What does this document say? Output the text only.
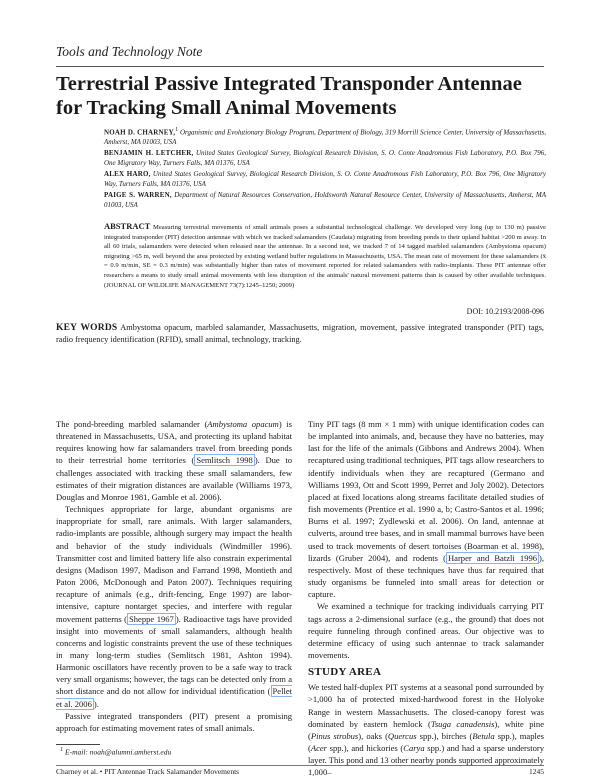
Tools and Technology Note
Terrestrial Passive Integrated Transponder Antennae for Tracking Small Animal Movements
NOAH D. CHARNEY,$^1$ Organismic and Evolutionary Biology Program, Department of Biology, 319 Morrill Science Center, University of Massachusetts, Amherst, MA 01003, USA
BENJAMIN H. LETCHER, United States Geological Survey, Biological Research Division, S. O. Conte Anadromous Fish Laboratory, P.O. Box 796, One Migratory Way, Turners Falls, MA 01376, USA
ALEX HARO, United States Geological Survey, Biological Research Division, S. O. Conte Anadromous Fish Laboratory, P.O. Box 796, One Migratory Way, Turners Falls, MA 01376, USA
PAIGE S. WARREN, Department of Natural Resources Conservation, Holdsworth Natural Resource Center, University of Massachusetts, Amherst, MA 01003, USA
ABSTRACT Measuring terrestrial movements of small animals poses a substantial technological challenge. We developed very long (up to 130 m) passive integrated transponder (PIT) detection antennae with which we tracked salamanders (Caudata) migrating from breeding ponds to their upland habitat >200 m away. In all 60 trials, salamanders were detected when released near the antennae. In a second test, we tracked 7 of 14 tagged marbled salamanders (Ambystoma opacum) migrating >65 m, well beyond the area protected by existing wetland buffer regulations in Massachusetts, USA. The mean rate of movement for these salamanders (x̄ = 0.9 m/min, SE = 0.3 m/min) was substantially higher than rates of movement reported for related salamanders with radio-implants. These PIT antennae offer researchers a means to study small animal movements with less disruption of the animals' natural movement patterns than is caused by other available techniques. (JOURNAL OF WILDLIFE MANAGEMENT 73(7):1245–1250; 2009)
DOI: 10.2193/2008-096
KEY WORDS Ambystoma opacum, marbled salamander, Massachusetts, migration, movement, passive integrated transponder (PIT) tags, radio frequency identification (RFID), small animal, technology, tracking.

The pond-breeding marbled salamander (Ambystoma opacum) is threatened in Massachusetts, USA, and protecting its upland habitat requires knowing how far salamanders travel from breeding ponds to their terrestrial home territories ( Semlitsch 1998 ). Due to challenges associated with tracking these small salamanders, few estimates of their migration distances are available (Williams 1973, Douglas and Monroe 1981, Gamble et al. 2006).

Techniques appropriate for large, abundant organisms are inappropriate for small, rare animals. With larger salamanders, radio-implants are possible, although surgery may impact the health and behavior of the study individuals (Windmiller 1996). Transmitter cost and limited battery life also constrain experimental designs (Madison 1997, Madison and Farrand 1998, Montieth and Paton 2006, McDonough and Paton 2007). Techniques requiring recapture of animals (e.g., drift-fencing, Enge 1997) are labor-intensive, capture nontarget species, and interfere with regular movement patterns ( Sheppe 1967 ). Radioactive tags have provided insight into movements of small salamanders, although health concerns and logistic constraints prevent the use of these techniques in many long-term studies (Semlitsch 1981, Ashton 1994). Harmonic oscillators have recently proven to be a safe way to track very small organisms; however, the tags can be detected only from a short distance and do not allow for individual identification ( Pellet et al. 2006 ).

Passive integrated transponders (PIT) present a promising approach for estimating movement rates of small animals.

Tiny PIT tags (8 mm × 1 mm) with unique identification codes can be implanted into animals, and, because they have no batteries, may last for the life of the animals (Gibbons and Andrews 2004). When recaptured using traditional techniques, PIT tags allow researchers to identify individuals when they are recaptured (Germano and Williams 1993, Ott and Scott 1999, Perret and Joly 2002). Detectors placed at fixed locations along streams facilitate detailed studies of fish movements (Prentice et al. 1990 a, b; Castro-Santos et al. 1996; Burns et al. 1997; Zydlewski et al. 2006). On land, antennae at culverts, around tree bases, and in small mammal burrows have been used to track movements of desert tortoises (Boarman et al. 1998), lizards (Gruber 2004), and rodents ( Harper and Batzli 1996 ), respectively. Most of these techniques have thus far required that study organisms be funneled into small areas for detection or capture.

We examined a technique for tracking individuals carrying PIT tags across a 2-dimensional surface (e.g., the ground) that does not require funneling through confined areas. Our objective was to determine efficacy of using such antennae to track salamander movements.

STUDY AREA

We tested half-duplex PIT systems at a seasonal pond surrounded by >1,000 ha of protected mixed-hardwood forest in the Holyoke Range in western Massachusetts. The closed-canopy forest was dominated by eastern hemlock (Tsuga canadensis), white pine (Pinus strobus), oaks (Quercus spp.), birches (Betula spp.), maples (Acer spp.), and hickories (Carya spp.) and had a sparse understory layer. This pond and 13 other nearby ponds supported approximately 1,000–

$^1$ E-mail: noah@alumni.amherst.edu
Charney et al. • PIT Antennae Track Salamander Movements	1245
